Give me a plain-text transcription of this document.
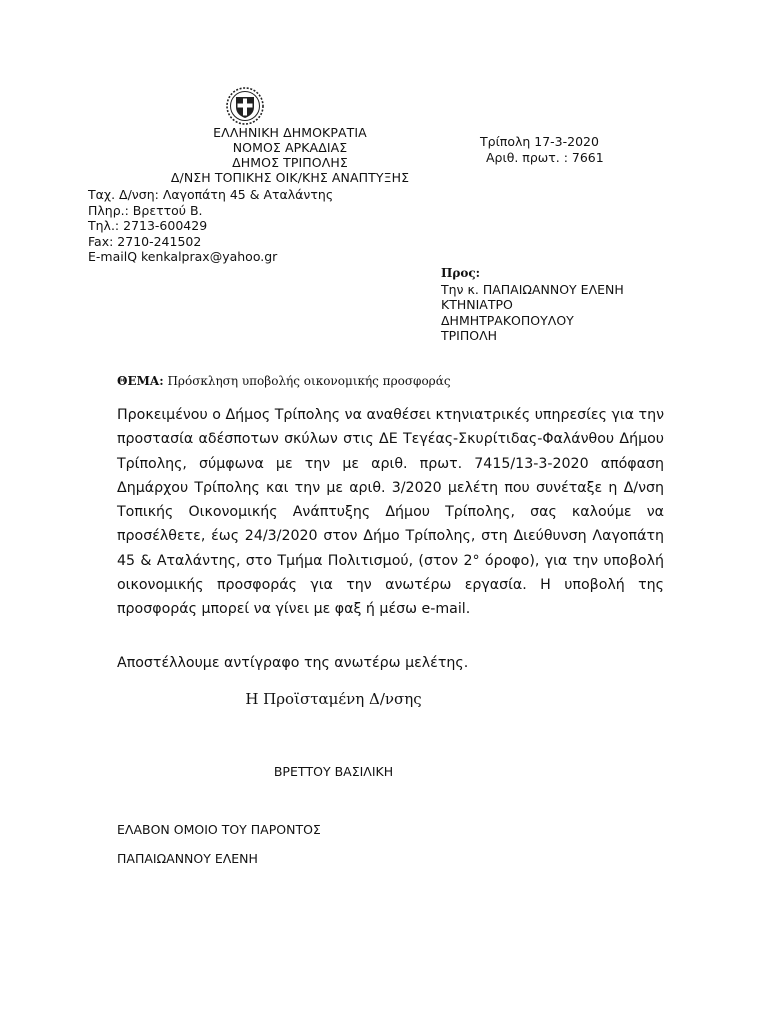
ΕΛΛΗΝΙΚΗ ΔΗΜΟΚΡΑΤΙΑ
ΝΟΜΟΣ ΑΡΚΑΔΙΑΣ
ΔΗΜΟΣ ΤΡΙΠΟΛΗΣ
Δ/ΝΣΗ ΤΟΠΙΚΗΣ ΟΙΚ/ΚΗΣ ΑΝΑΠΤΥΞΗΣ
Ταχ. Δ/νση: Λαγοπάτη 45 & Αταλάντης
Πληρ.: Βρεττού Β.
Τηλ.: 2713-600429
Fax: 2710-241502
E-mailQ kenkalprax@yahoo.gr
Τρίπολη 17-3-2020
Αριθ. πρωτ. : 7661
Προς:
Την κ. ΠΑΠΑΙΩΑΝΝΟΥ ΕΛΕΝΗ
ΚΤΗΝΙΑΤΡΟ
ΔΗΜΗΤΡΑΚΟΠΟΥΛΟΥ
ΤΡΙΠΟΛΗ
ΘΕΜΑ: Πρόσκληση υποβολής οικονομικής προσφοράς

Προκειμένου ο Δήμος Τρίπολης να αναθέσει κτηνιατρικές υπηρεσίες για την προστασία αδέσποτων σκύλων στις ΔΕ Τεγέας-Σκυρίτιδας-Φαλάνθου Δήμου Τρίπολης, σύμφωνα με την με αριθ. πρωτ. 7415/13-3-2020 απόφαση Δημάρχου Τρίπολης και την με αριθ. 3/2020 μελέτη που συνέταξε η Δ/νση Τοπικής Οικονομικής Ανάπτυξης Δήμου Τρίπολης, σας καλούμε να προσέλθετε, έως 24/3/2020 στον Δήμο Τρίπολης, στη Διεύθυνση Λαγοπάτη 45 & Αταλάντης, στο Τμήμα Πολιτισμού, (στον 2° όροφο), για την υποβολή οικονομικής προσφοράς για την ανωτέρω εργασία. Η υποβολή της προσφοράς μπορεί να γίνει με φαξ ή μέσω e-mail.

Αποστέλλουμε αντίγραφο της ανωτέρω μελέτης.
Η Προϊσταμένη Δ/νσης
ΒΡΕΤΤΟΥ ΒΑΣΙΛΙΚΗ
ΕΛΑΒΟΝ ΟΜΟΙΟ ΤΟΥ ΠΑΡΟΝΤΟΣ
ΠΑΠΑΙΩΑΝΝΟΥ ΕΛΕΝΗ
